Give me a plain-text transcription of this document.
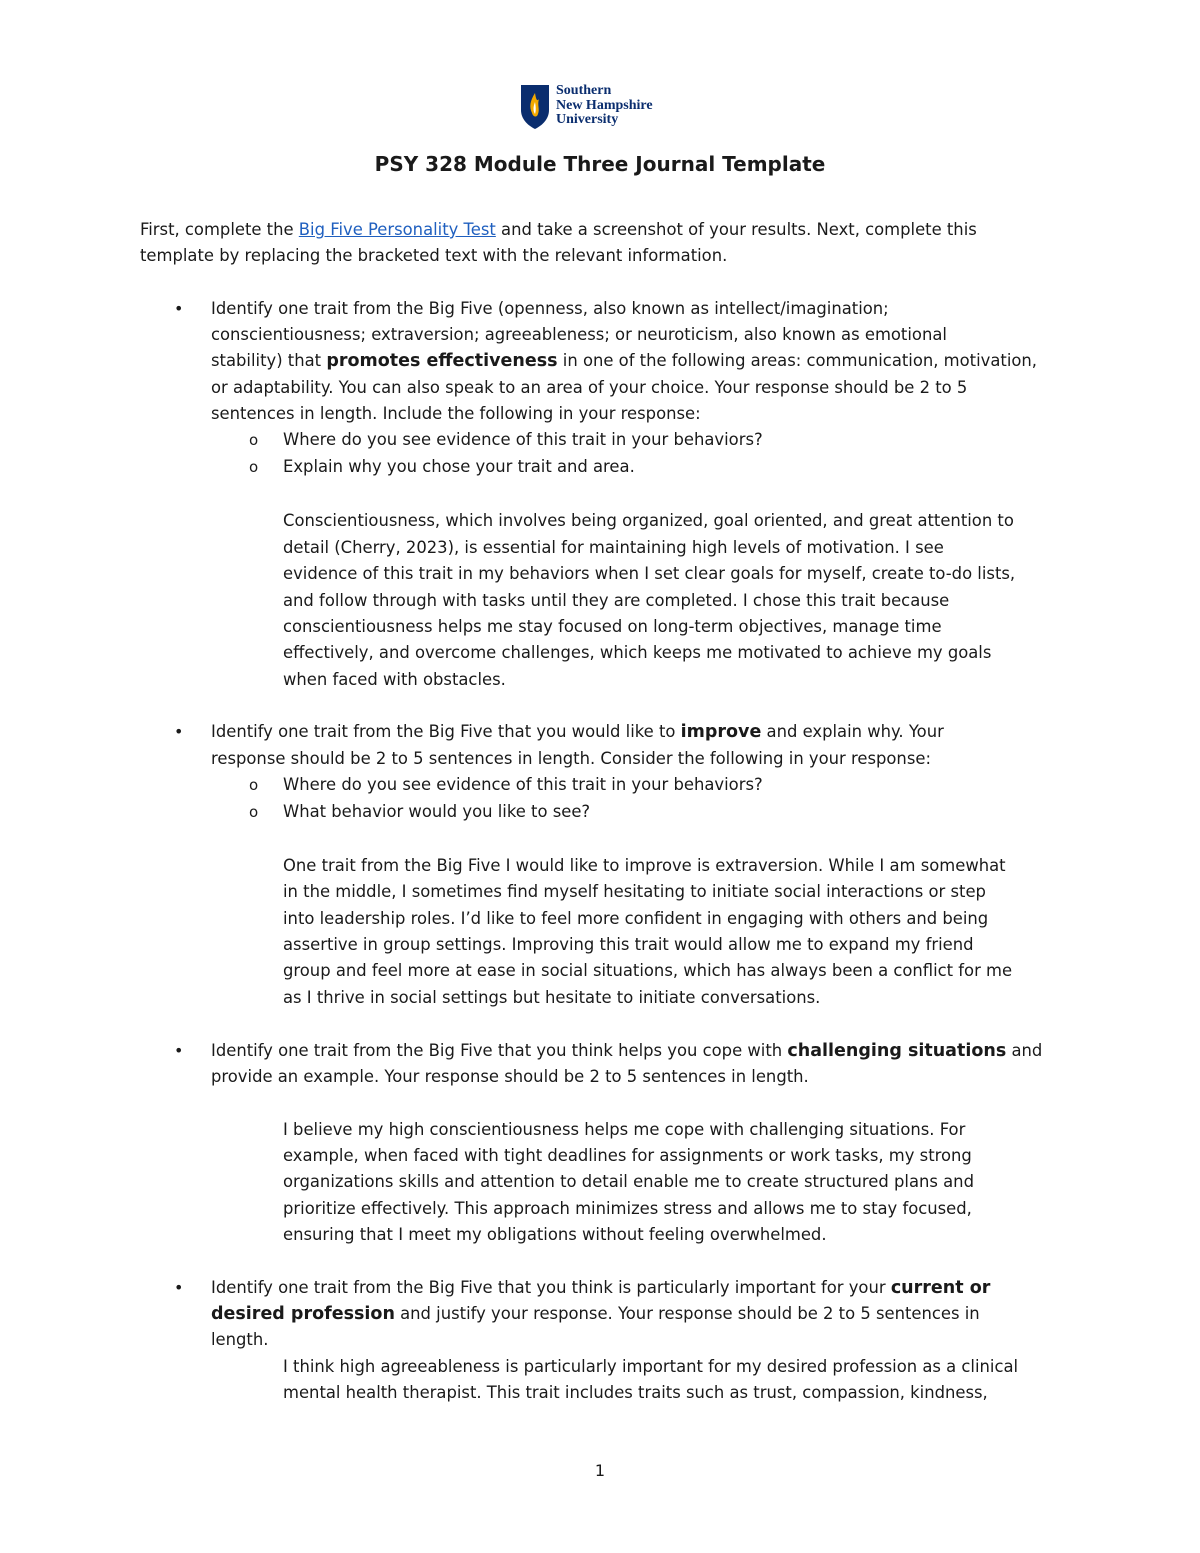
Southern
New Hampshire
University
PSY 328 Module Three Journal Template
First, complete the Big Five Personality Test and take a screenshot of your results. Next, complete this
template by replacing the bracketed text with the relevant information.
• Identify one trait from the Big Five (openness, also known as intellect/imagination;
conscientiousness; extraversion; agreeableness; or neuroticism, also known as emotional
stability) that promotes effectiveness in one of the following areas: communication, motivation,
or adaptability. You can also speak to an area of your choice. Your response should be 2 to 5
sentences in length. Include the following in your response:
o Where do you see evidence of this trait in your behaviors?
o Explain why you chose your trait and area.
Conscientiousness, which involves being organized, goal oriented, and great attention to
detail (Cherry, 2023), is essential for maintaining high levels of motivation. I see
evidence of this trait in my behaviors when I set clear goals for myself, create to-do lists,
and follow through with tasks until they are completed. I chose this trait because
conscientiousness helps me stay focused on long-term objectives, manage time
effectively, and overcome challenges, which keeps me motivated to achieve my goals
when faced with obstacles.
• Identify one trait from the Big Five that you would like to improve and explain why. Your
response should be 2 to 5 sentences in length. Consider the following in your response:
o Where do you see evidence of this trait in your behaviors?
o What behavior would you like to see?
One trait from the Big Five I would like to improve is extraversion. While I am somewhat
in the middle, I sometimes find myself hesitating to initiate social interactions or step
into leadership roles. I’d like to feel more confident in engaging with others and being
assertive in group settings. Improving this trait would allow me to expand my friend
group and feel more at ease in social situations, which has always been a conflict for me
as I thrive in social settings but hesitate to initiate conversations.
• Identify one trait from the Big Five that you think helps you cope with challenging situations and
provide an example. Your response should be 2 to 5 sentences in length.
I believe my high conscientiousness helps me cope with challenging situations. For
example, when faced with tight deadlines for assignments or work tasks, my strong
organizations skills and attention to detail enable me to create structured plans and
prioritize effectively. This approach minimizes stress and allows me to stay focused,
ensuring that I meet my obligations without feeling overwhelmed.
• Identify one trait from the Big Five that you think is particularly important for your current or
desired profession and justify your response. Your response should be 2 to 5 sentences in
length.
I think high agreeableness is particularly important for my desired profession as a clinical
mental health therapist. This trait includes traits such as trust, compassion, kindness,
1
